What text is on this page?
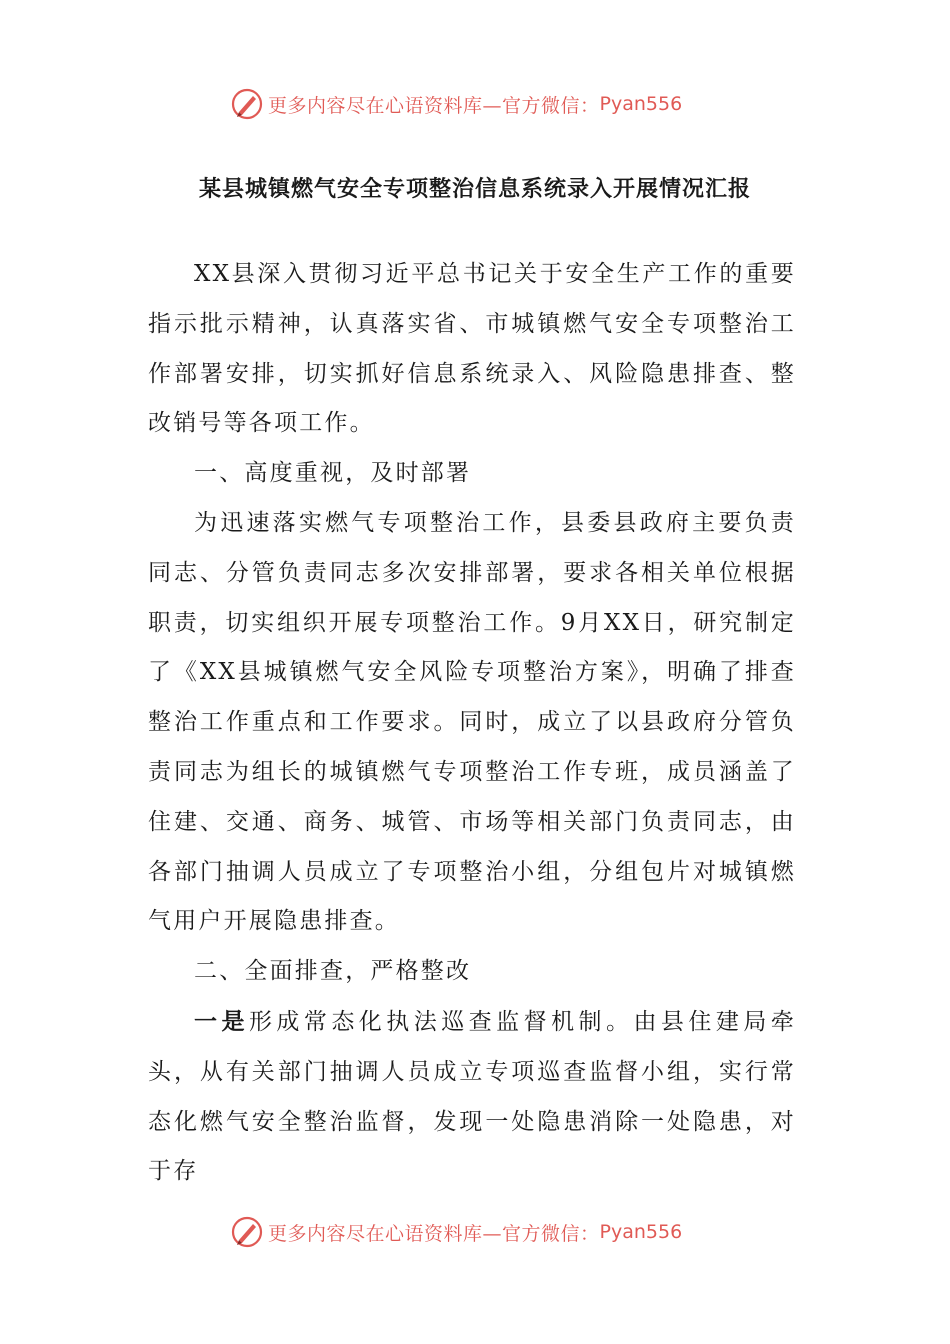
更多内容尽在心语资料库—官方微信： Pyan556
某县城镇燃气安全专项整治信息系统录入开展情况汇报

XX县深入贯彻习近平总书记关于安全生产工作的重要指示批示精神，认真落实省、市城镇燃气安全专项整治工作部署安排，切实抓好信息系统录入、风险隐患排查、整改销号等各项工作。

一、高度重视，及时部署

为迅速落实燃气专项整治工作，县委县政府主要负责同志、分管负责同志多次安排部署，要求各相关单位根据职责，切实组织开展专项整治工作。9月XX日，研究制定了《XX县城镇燃气安全风险专项整治方案》，明确了排查整治工作重点和工作要求。同时，成立了以县政府分管负责同志为组长的城镇燃气专项整治工作专班，成员涵盖了住建、交通、商务、城管、市场等相关部门负责同志，由各部门抽调人员成立了专项整治小组，分组包片对城镇燃气用户开展隐患排查。

二、全面排查，严格整改

一是形成常态化执法巡查监督机制。由县住建局牵头，从有关部门抽调人员成立专项巡查监督小组，实行常态化燃气安全整治监督，发现一处隐患消除一处隐患，对于存

更多内容尽在心语资料库—官方微信： Pyan556
